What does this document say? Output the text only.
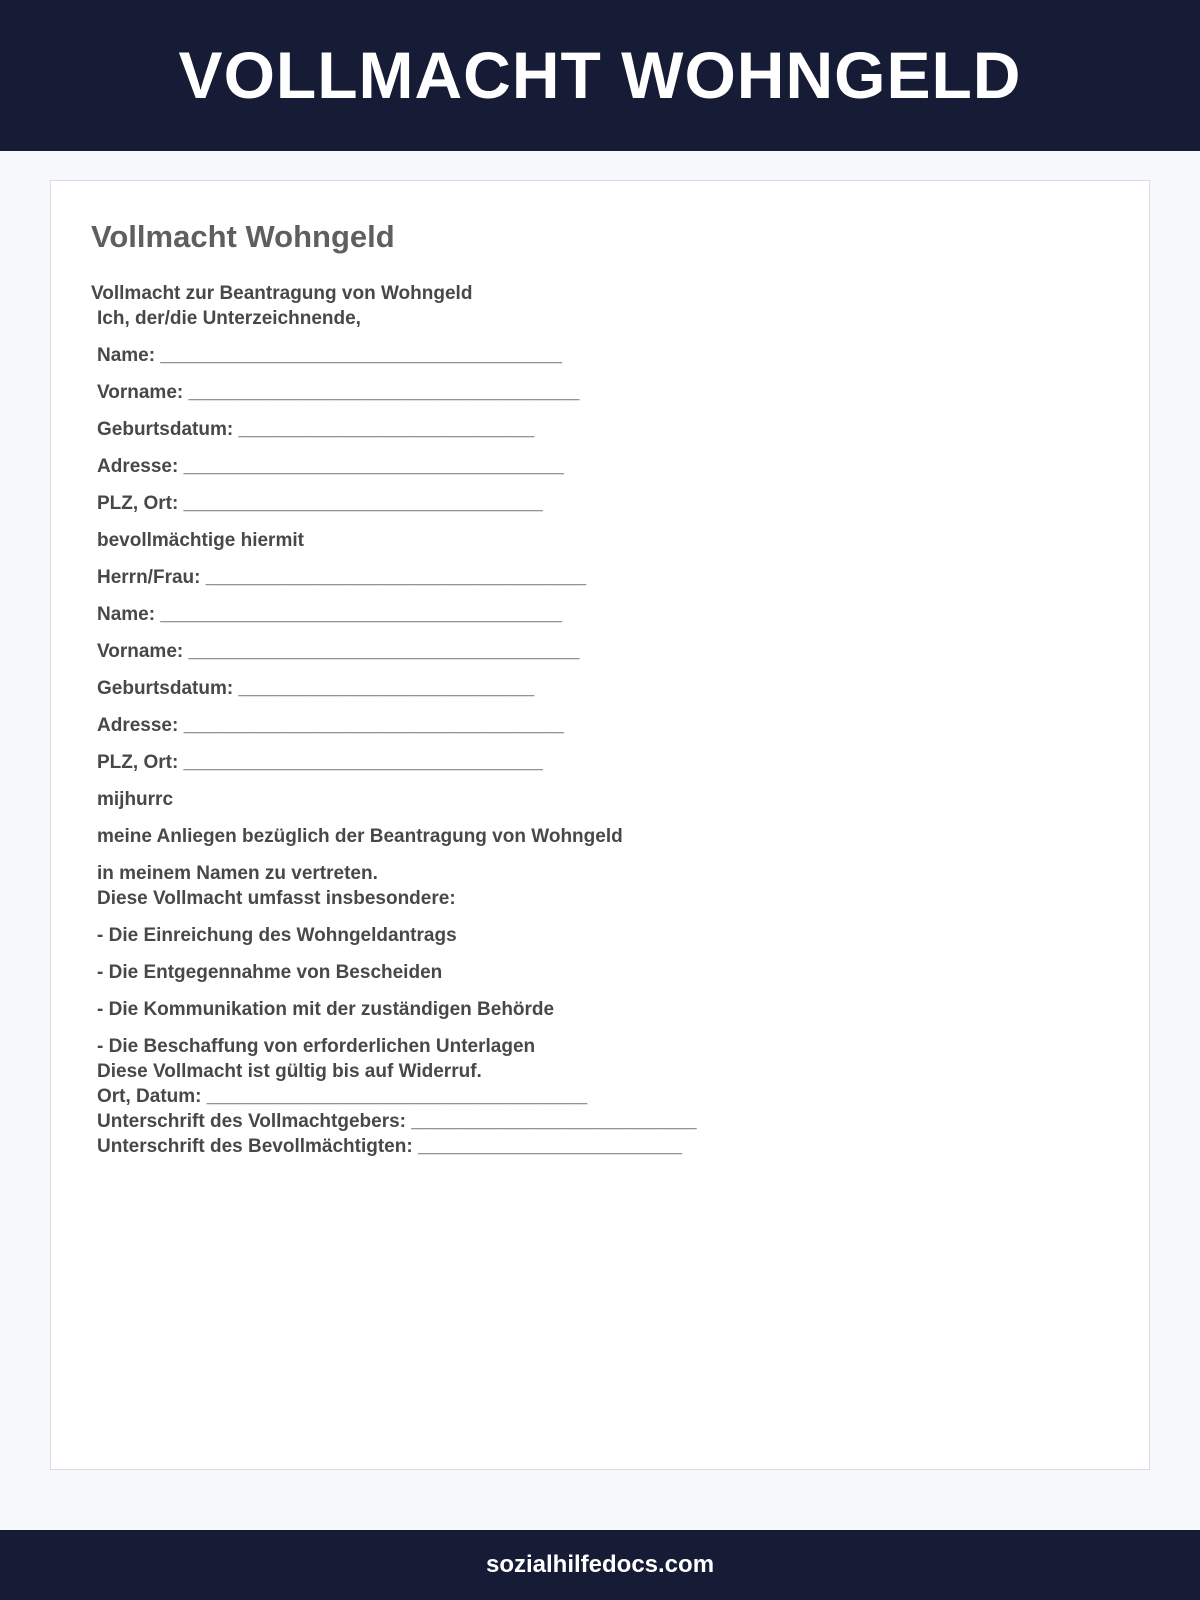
VOLLMACHT WOHNGELD
Vollmacht Wohngeld
Vollmacht zur Beantragung von Wohngeld
Ich, der/die Unterzeichnende,
Name: ______________________________________
Vorname: _____________________________________
Geburtsdatum: ____________________________
Adresse: ____________________________________
PLZ, Ort: __________________________________
bevollmächtige hiermit
Herrn/Frau: ____________________________________
Name: ______________________________________
Vorname: _____________________________________
Geburtsdatum: ____________________________
Adresse: ____________________________________
PLZ, Ort: __________________________________
mijhurrc
meine Anliegen bezüglich der Beantragung von Wohngeld
in meinem Namen zu vertreten.
Diese Vollmacht umfasst insbesondere:
- Die Einreichung des Wohngeldantrags
- Die Entgegennahme von Bescheiden
- Die Kommunikation mit der zuständigen Behörde
- Die Beschaffung von erforderlichen Unterlagen
Diese Vollmacht ist gültig bis auf Widerruf.
Ort, Datum: ____________________________________
Unterschrift des Vollmachtgebers: ___________________________
Unterschrift des Bevollmächtigten: _________________________
sozialhilfedocs.com
